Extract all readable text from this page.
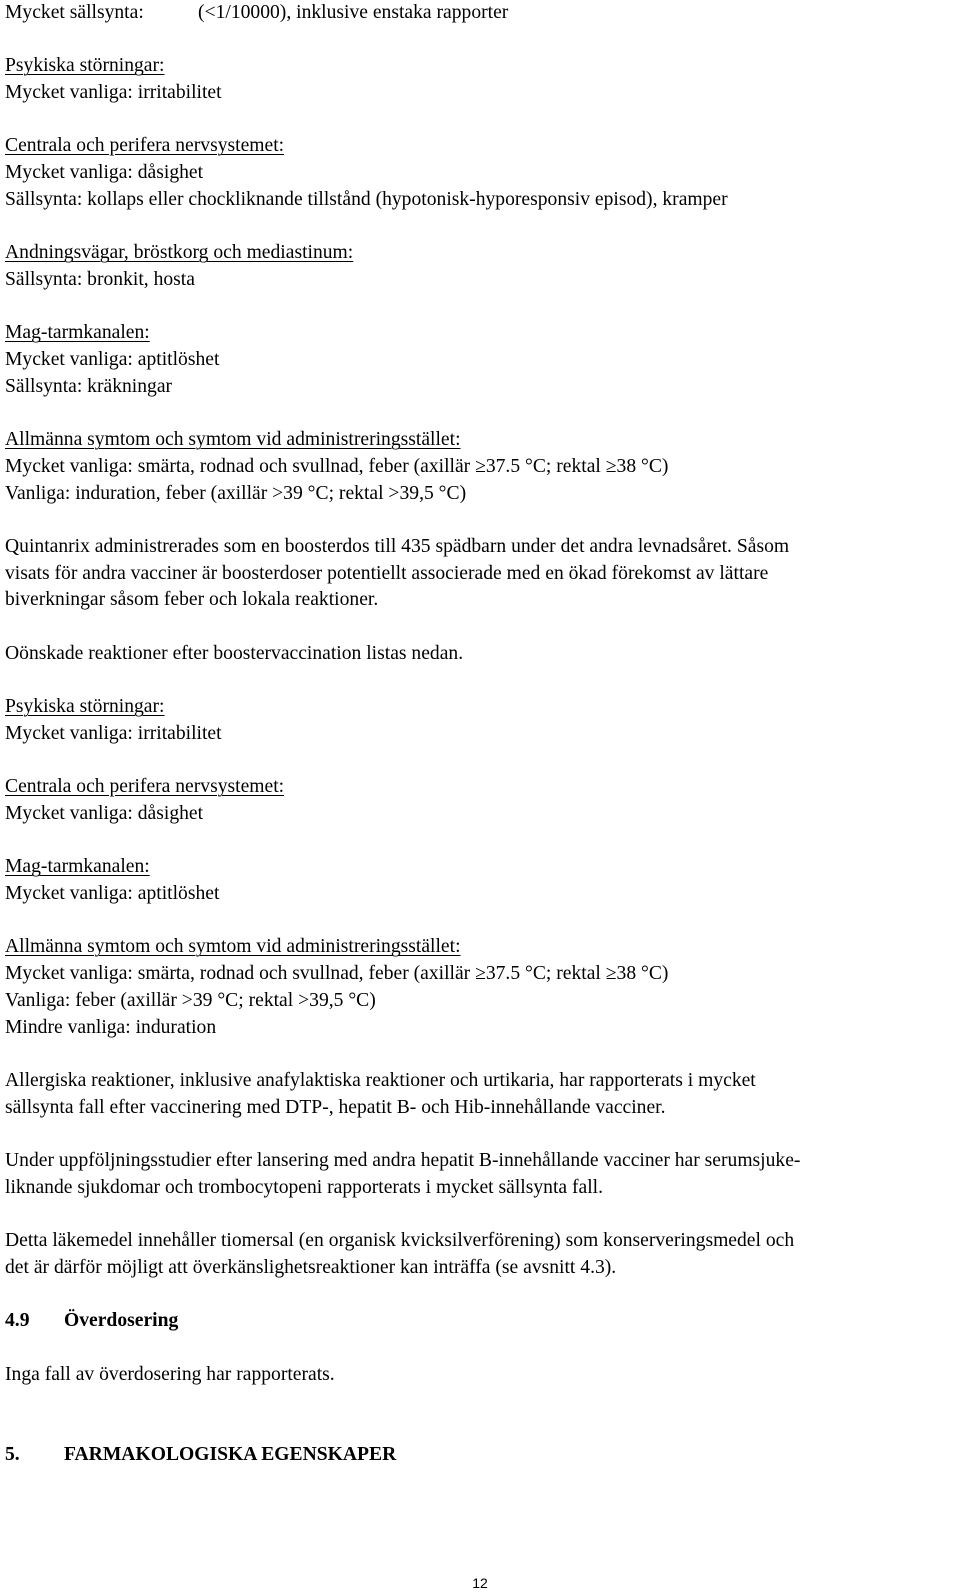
Mycket sällsynta:	(<1/10000), inklusive enstaka rapporter
Psykiska störningar:
Mycket vanliga: irritabilitet
Centrala och perifera nervsystemet:
Mycket vanliga: dåsighet
Sällsynta: kollaps eller chockliknande tillstånd (hypotonisk-hyporesponsiv episod), kramper
Andningsvägar, bröstkorg och mediastinum:
Sällsynta: bronkit, hosta
Mag-tarmkanalen:
Mycket vanliga: aptitlöshet
Sällsynta: kräkningar
Allmänna symtom och symtom vid administreringsstället:
Mycket vanliga: smärta, rodnad och svullnad, feber (axillär ≥37.5 °C; rektal ≥38 °C)
Vanliga: induration, feber (axillär >39 °C; rektal >39,5 °C)
Quintanrix administrerades som en boosterdos till 435 spädbarn under det andra levnadsåret. Såsom
visats för andra vacciner är boosterdoser potentiellt associerade med en ökad förekomst av lättare
biverkningar såsom feber och lokala reaktioner.
Oönskade reaktioner efter boostervaccination listas nedan.
Psykiska störningar:
Mycket vanliga: irritabilitet
Centrala och perifera nervsystemet:
Mycket vanliga: dåsighet
Mag-tarmkanalen:
Mycket vanliga: aptitlöshet
Allmänna symtom och symtom vid administreringsstället:
Mycket vanliga: smärta, rodnad och svullnad, feber (axillär ≥37.5 °C; rektal ≥38 °C)
Vanliga: feber (axillär >39 °C; rektal >39,5 °C)
Mindre vanliga: induration
Allergiska reaktioner, inklusive anafylaktiska reaktioner och urtikaria, har rapporterats i mycket
sällsynta fall efter vaccinering med DTP-, hepatit B- och Hib-innehållande vacciner.
Under uppföljningsstudier efter lansering med andra hepatit B-innehållande vacciner har serumsjuke-
liknande sjukdomar och trombocytopeni rapporterats i mycket sällsynta fall.
Detta läkemedel innehåller tiomersal (en organisk kvicksilverförening) som konserveringsmedel och
det är därför möjligt att överkänslighetsreaktioner kan inträffa (se avsnitt 4.3).
4.9	Överdosering
Inga fall av överdosering har rapporterats.
5.	FARMAKOLOGISKA EGENSKAPER
12
